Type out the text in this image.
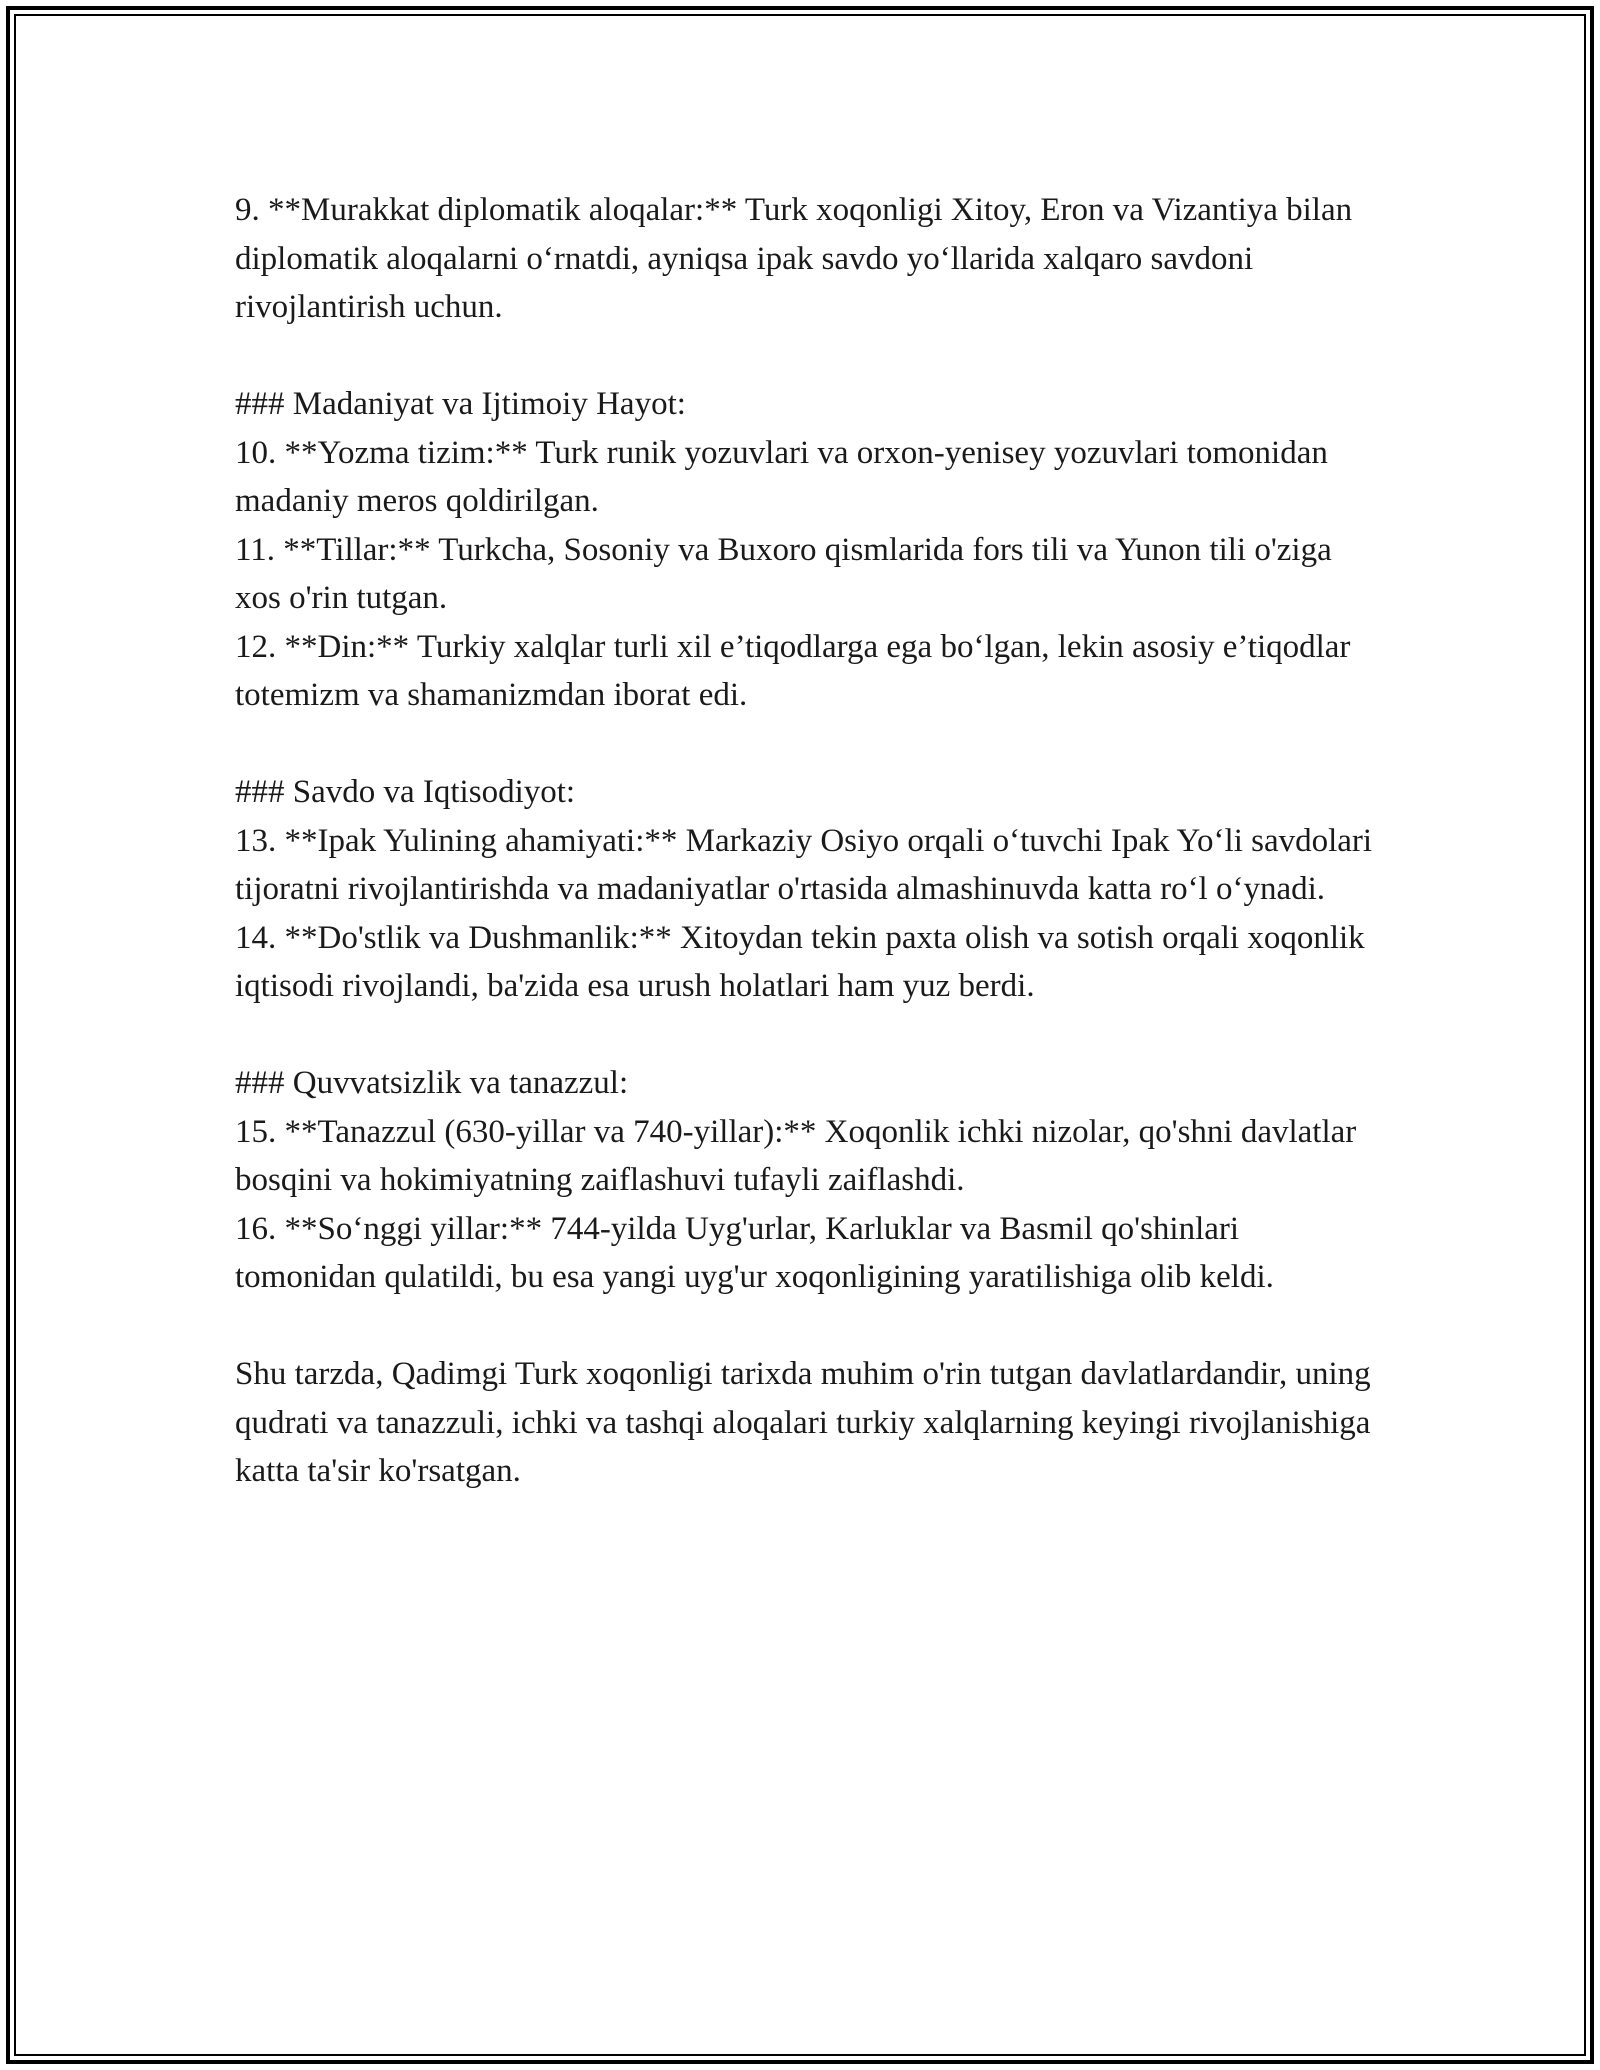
9. **Murakkat diplomatik aloqalar:** Turk xoqonligi Xitoy, Eron va Vizantiya bilan diplomatik aloqalarni o‘rnatdi, ayniqsa ipak savdo yo‘llarida xalqaro savdoni rivojlantirish uchun.

### Madaniyat va Ijtimoiy Hayot:

10. **Yozma tizim:** Turk runik yozuvlari va orxon-yenisey yozuvlari tomonidan madaniy meros qoldirilgan.

11. **Tillar:** Turkcha, Sosoniy va Buxoro qismlarida fors tili va Yunon tili o'ziga xos o'rin tutgan.

12. **Din:** Turkiy xalqlar turli xil e’tiqodlarga ega bo‘lgan, lekin asosiy e’tiqodlar totemizm va shamanizmdan iborat edi.

### Savdo va Iqtisodiyot:

13. **Ipak Yulining ahamiyati:** Markaziy Osiyo orqali o‘tuvchi Ipak Yo‘li savdolari tijoratni rivojlantirishda va madaniyatlar o'rtasida almashinuvda katta ro‘l o‘ynadi.

14. **Do'stlik va Dushmanlik:** Xitoydan tekin paxta olish va sotish orqali xoqonlik iqtisodi rivojlandi, ba'zida esa urush holatlari ham yuz berdi.

### Quvvatsizlik va tanazzul:

15. **Tanazzul (630-yillar va 740-yillar):** Xoqonlik ichki nizolar, qo'shni davlatlar bosqini va hokimiyatning zaiflashuvi tufayli zaiflashdi.

16. **So‘nggi yillar:** 744-yilda Uyg'urlar, Karluklar va Basmil qo'shinlari tomonidan qulatildi, bu esa yangi uyg'ur xoqonligining yaratilishiga olib keldi.

Shu tarzda, Qadimgi Turk xoqonligi tarixda muhim o'rin tutgan davlatlardandir, uning qudrati va tanazzuli, ichki va tashqi aloqalari turkiy xalqlarning keyingi rivojlanishiga katta ta'sir ko'rsatgan.
